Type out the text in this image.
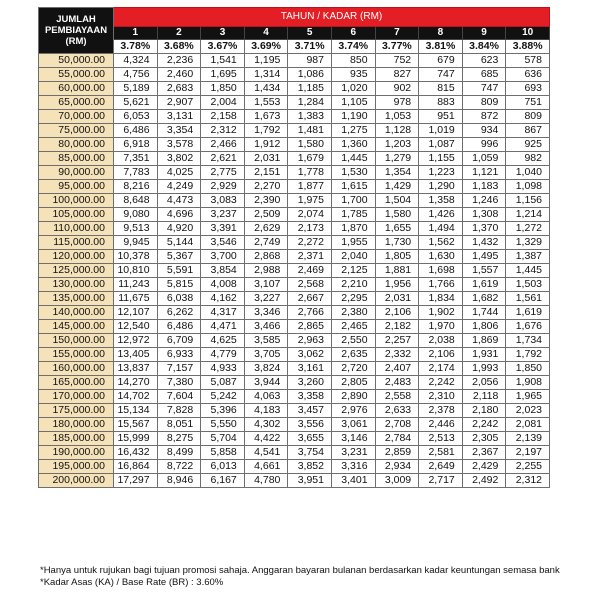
JUMLAH
PEMBIAYAAN
(RM)	TAHUN / KADAR (RM)									
	1	2	3	4	5	6	7	8	9	10
	3.78%	3.68%	3.67%	3.69%	3.71%	3.74%	3.77%	3.81%	3.84%	3.88%
50,000.00	4,324	2,236	1,541	1,195	987	850	752	679	623	578
55,000.00	4,756	2,460	1,695	1,314	1,086	935	827	747	685	636
60,000.00	5,189	2,683	1,850	1,434	1,185	1,020	902	815	747	693
65,000.00	5,621	2,907	2,004	1,553	1,284	1,105	978	883	809	751
70,000.00	6,053	3,131	2,158	1,673	1,383	1,190	1,053	951	872	809
75,000.00	6,486	3,354	2,312	1,792	1,481	1,275	1,128	1,019	934	867
80,000.00	6,918	3,578	2,466	1,912	1,580	1,360	1,203	1,087	996	925
85,000.00	7,351	3,802	2,621	2,031	1,679	1,445	1,279	1,155	1,059	982
90,000.00	7,783	4,025	2,775	2,151	1,778	1,530	1,354	1,223	1,121	1,040
95,000.00	8,216	4,249	2,929	2,270	1,877	1,615	1,429	1,290	1,183	1,098
100,000.00	8,648	4,473	3,083	2,390	1,975	1,700	1,504	1,358	1,246	1,156
105,000.00	9,080	4,696	3,237	2,509	2,074	1,785	1,580	1,426	1,308	1,214
110,000.00	9,513	4,920	3,391	2,629	2,173	1,870	1,655	1,494	1,370	1,272
115,000.00	9,945	5,144	3,546	2,749	2,272	1,955	1,730	1,562	1,432	1,329
120,000.00	10,378	5,367	3,700	2,868	2,371	2,040	1,805	1,630	1,495	1,387
125,000.00	10,810	5,591	3,854	2,988	2,469	2,125	1,881	1,698	1,557	1,445
130,000.00	11,243	5,815	4,008	3,107	2,568	2,210	1,956	1,766	1,619	1,503
135,000.00	11,675	6,038	4,162	3,227	2,667	2,295	2,031	1,834	1,682	1,561
140,000.00	12,107	6,262	4,317	3,346	2,766	2,380	2,106	1,902	1,744	1,619
145,000.00	12,540	6,486	4,471	3,466	2,865	2,465	2,182	1,970	1,806	1,676
150,000.00	12,972	6,709	4,625	3,585	2,963	2,550	2,257	2,038	1,869	1,734
155,000.00	13,405	6,933	4,779	3,705	3,062	2,635	2,332	2,106	1,931	1,792
160,000.00	13,837	7,157	4,933	3,824	3,161	2,720	2,407	2,174	1,993	1,850
165,000.00	14,270	7,380	5,087	3,944	3,260	2,805	2,483	2,242	2,056	1,908
170,000.00	14,702	7,604	5,242	4,063	3,358	2,890	2,558	2,310	2,118	1,965
175,000.00	15,134	7,828	5,396	4,183	3,457	2,976	2,633	2,378	2,180	2,023
180,000.00	15,567	8,051	5,550	4,302	3,556	3,061	2,708	2,446	2,242	2,081
185,000.00	15,999	8,275	5,704	4,422	3,655	3,146	2,784	2,513	2,305	2,139
190,000.00	16,432	8,499	5,858	4,541	3,754	3,231	2,859	2,581	2,367	2,197
195,000.00	16,864	8,722	6,013	4,661	3,852	3,316	2,934	2,649	2,429	2,255
200,000.00	17,297	8,946	6,167	4,780	3,951	3,401	3,009	2,717	2,492	2,312
*Hanya untuk rujukan bagi tujuan promosi sahaja. Anggaran bayaran bulanan berdasarkan kadar keuntungan semasa bank
*Kadar Asas (KA) / Base Rate (BR) : 3.60%
